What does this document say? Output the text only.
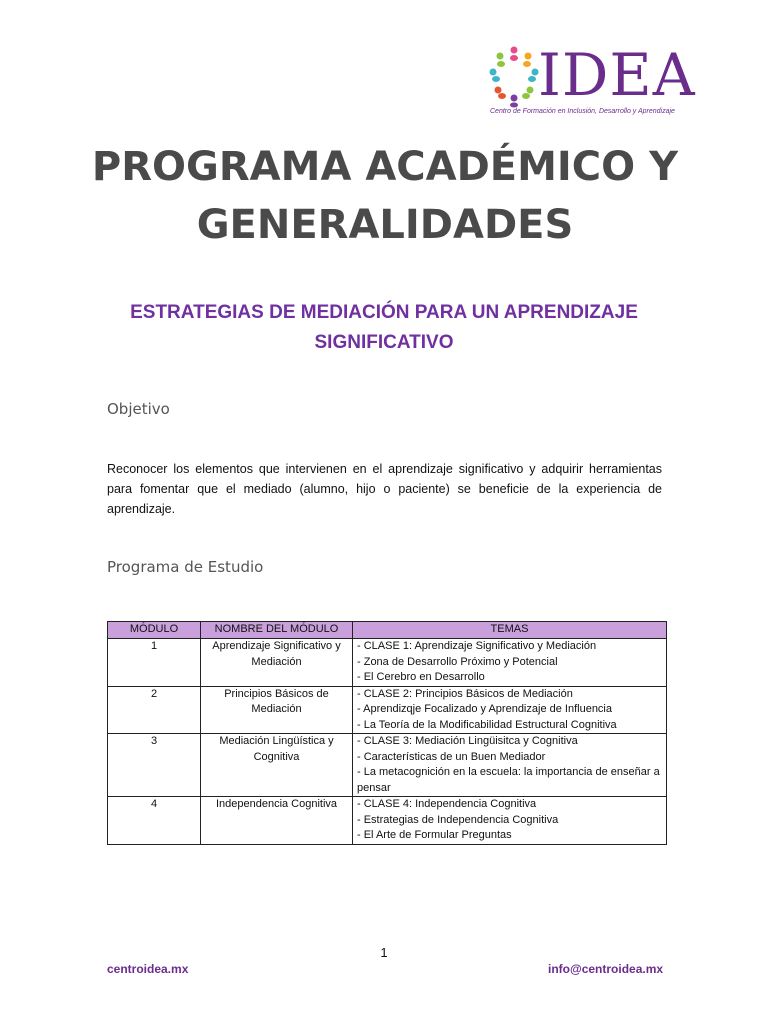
IDEA
Centro de Formación en Inclusión, Desarrollo y Aprendizaje
PROGRAMA ACADÉMICO Y GENERALIDADES
ESTRATEGIAS DE MEDIACIÓN PARA UN APRENDIZAJE SIGNIFICATIVO
Objetivo

Reconocer los elementos que intervienen en el aprendizaje significativo y adquirir herramientas para fomentar que el mediado (alumno, hijo o paciente) se beneficie de la experiencia de aprendizaje.

Programa de Estudio
MÓDULO	NOMBRE DEL MÓDULO	TEMAS
1	Aprendizaje Significativo y Mediación	- CLASE 1: Aprendizaje Significativo y Mediación
- Zona de Desarrollo Próximo y Potencial
- El Cerebro en Desarrollo

2	Principios Básicos de Mediación	- CLASE 2: Principios Básicos de Mediación
- Aprendizqje Focalizado y Aprendizaje de Influencia
- La Teoría de la Modificabilidad Estructural Cognitiva

3	Mediación Lingüística y Cognitiva	- CLASE 3: Mediación Lingüisitca y Cognitiva
- Características de un Buen Mediador
- La metacognición en la escuela: la importancia de enseñar a pensar

4	Independencia Cognitiva	- CLASE 4: Independencia Cognitiva
- Estrategias de Independencia Cognitiva
- El Arte de Formular Preguntas
1
centroidea.mx	info@centroidea.mx
